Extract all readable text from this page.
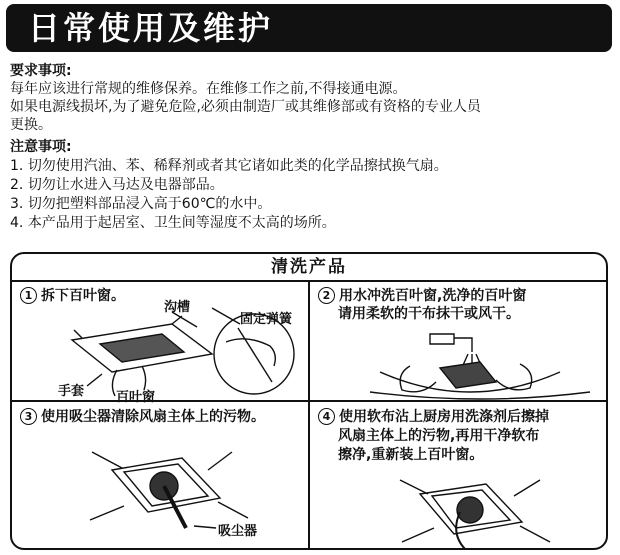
日常使用及维护
要求事项:
每年应该进行常规的维修保养。在维修工作之前,不得接通电源。
如果电源线损坏,为了避免危险,必须由制造厂或其维修部或有资格的专业人员
更换。
注意事项:
1. 切勿使用汽油、苯、稀释剂或者其它诸如此类的化学品擦拭换气扇。
2. 切勿让水进入马达及电器部品。
3. 切勿把塑料部品浸入高于60℃的水中。
4. 本产品用于起居室、卫生间等湿度不太高的场所。
清洗产品
1 拆下百叶窗。
沟槽
固定弹簧
手套 百叶窗
2 用水冲洗百叶窗,洗净的百叶窗
请用柔软的干布抹干或风干。
3 使用吸尘器清除风扇主体上的污物。
吸尘器
4 使用软布沾上厨房用洗涤剂后擦掉
风扇主体上的污物,再用干净软布
擦净,重新装上百叶窗。
